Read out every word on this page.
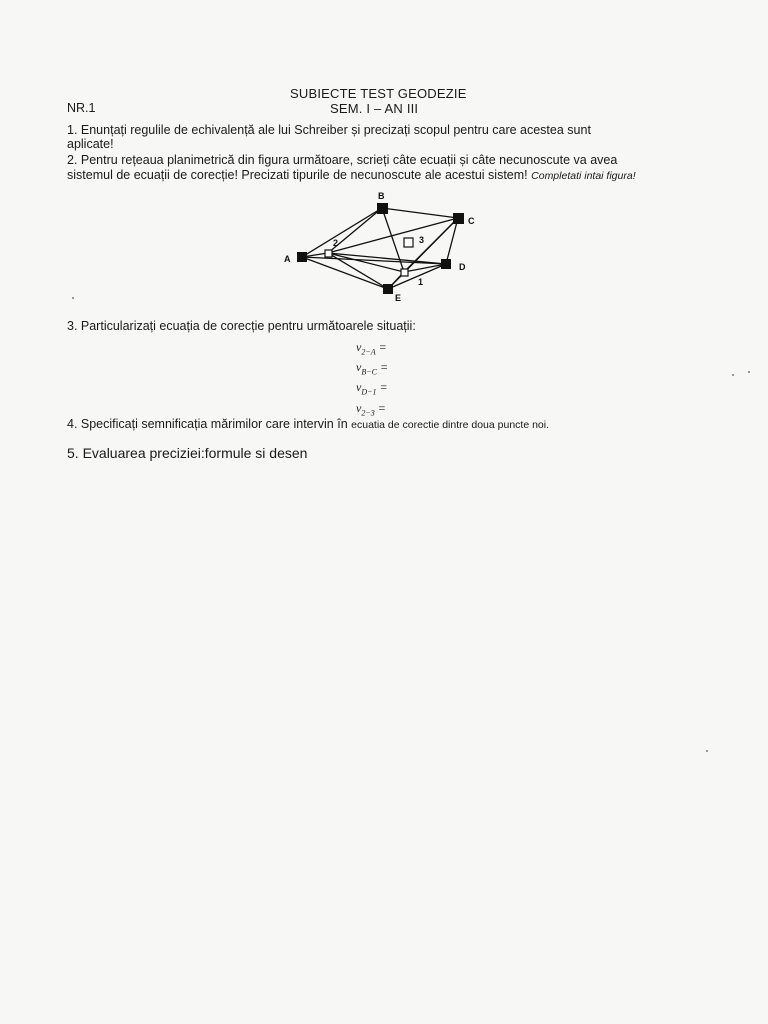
SUBIECTE TEST GEODEZIE
SEM. I – AN III
NR.1
1. Enunțați regulile de echivalență ale lui Schreiber și precizați scopul pentru care acestea sunt
aplicate!
2. Pentru rețeaua planimetrică din figura următoare, scrieți câte ecuații și câte necunoscute va avea
sistemul de ecuații de corecție! Precizati tipurile de necunoscute ale acestui sistem! Completati intai figura!
A
B
C
D
E
1
2	3
3. Particularizați ecuația de corecție pentru următoarele situații:
$v_{2-A}$ =
$v_{B-C}$ =
$v_{D-1}$ =
$v_{2-3}$ =
4. Specificați semnificația mărimilor care intervin în ecuatia de corectie dintre doua puncte noi.
5. Evaluarea preciziei:formule si desen
